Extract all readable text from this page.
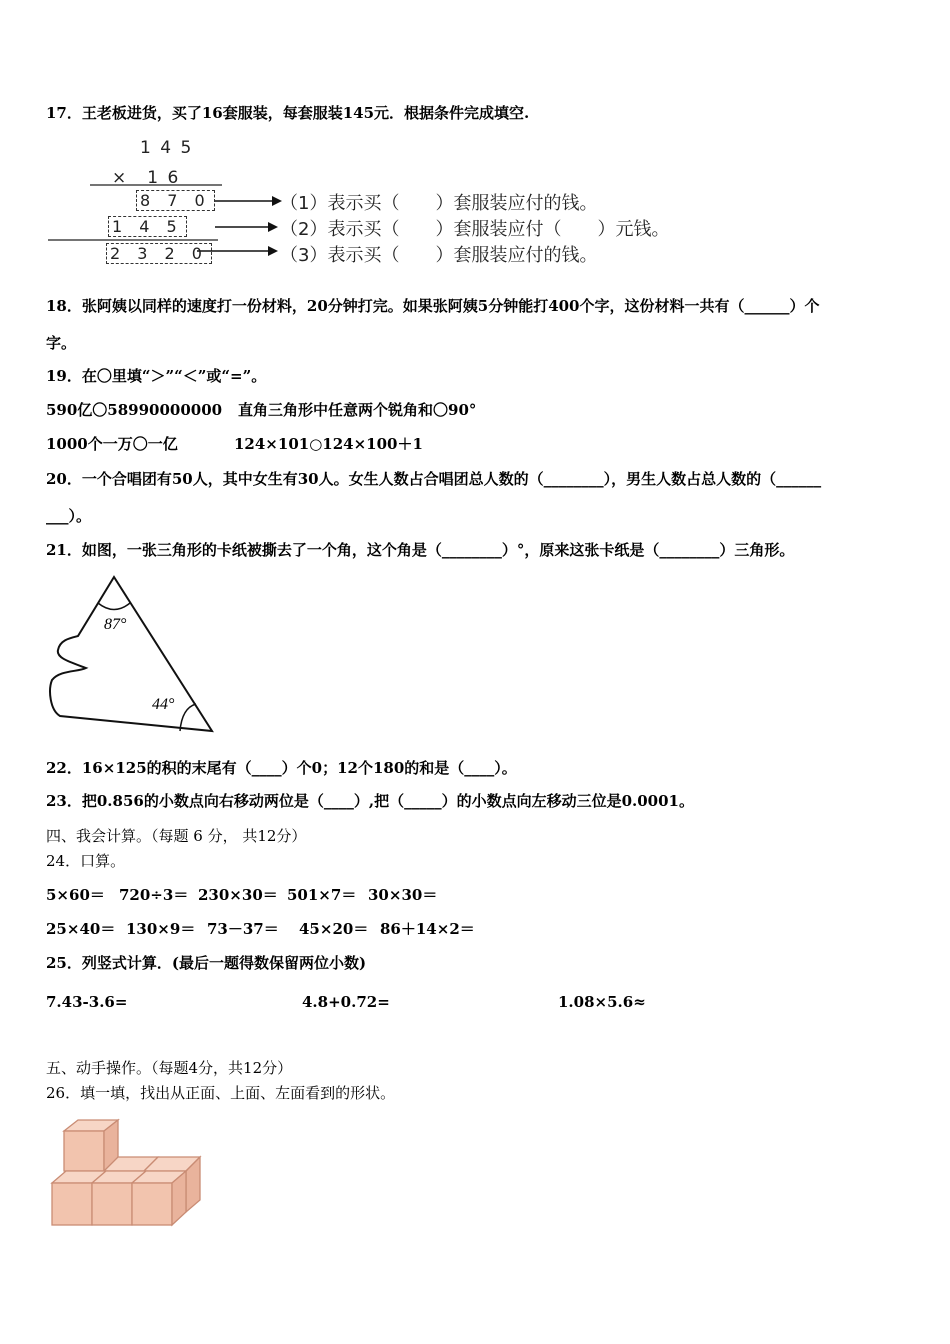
17．王老板进货，买了16套服装，每套服装145元．根据条件完成填空.
1 4 5
×　1 6
8 7 0
1 4 5
2 3 2 0
（1）表示买（　　）套服装应付的钱。
（2）表示买（　　）套服装应付（　　）元钱。
（3）表示买（　　）套服装应付的钱。
18．张阿姨以同样的速度打一份材料，20分钟打完。如果张阿姨5分钟能打400个字，这份材料一共有（______）个
字。
19．在〇里填“＞”“＜”或“=”。
590亿〇58990000000 直角三角形中任意两个锐角和〇90°
1000个一万〇一亿	124×101○124×100＋1
20．一个合唱团有50人，其中女生有30人。女生人数占合唱团总人数的（________），男生人数占总人数的（______
___）。
21．如图，一张三角形的卡纸被撕去了一个角，这个角是（________）°，原来这张卡纸是（________）三角形。
87°
44°
22．16×125的积的末尾有（____）个0；12个180的和是（____）。
23．把0.856的小数点向右移动两位是（____）,把（_____）的小数点向左移动三位是0.0001。
四、我会计算。（每题 6 分， 共12分）
24．口算。
5×60＝ 720÷3＝ 230×30＝ 501×7＝ 30×30＝
25×40＝ 130×9＝ 73－37＝ 45×20＝ 86＋14×2＝
25．列竖式计算．(最后一题得数保留两位小数)
7.43-3.6=	4.8+0.72=	1.08×5.6≈
五、动手操作。（每题4分，共12分）
26．填一填，找出从正面、上面、左面看到的形状。
